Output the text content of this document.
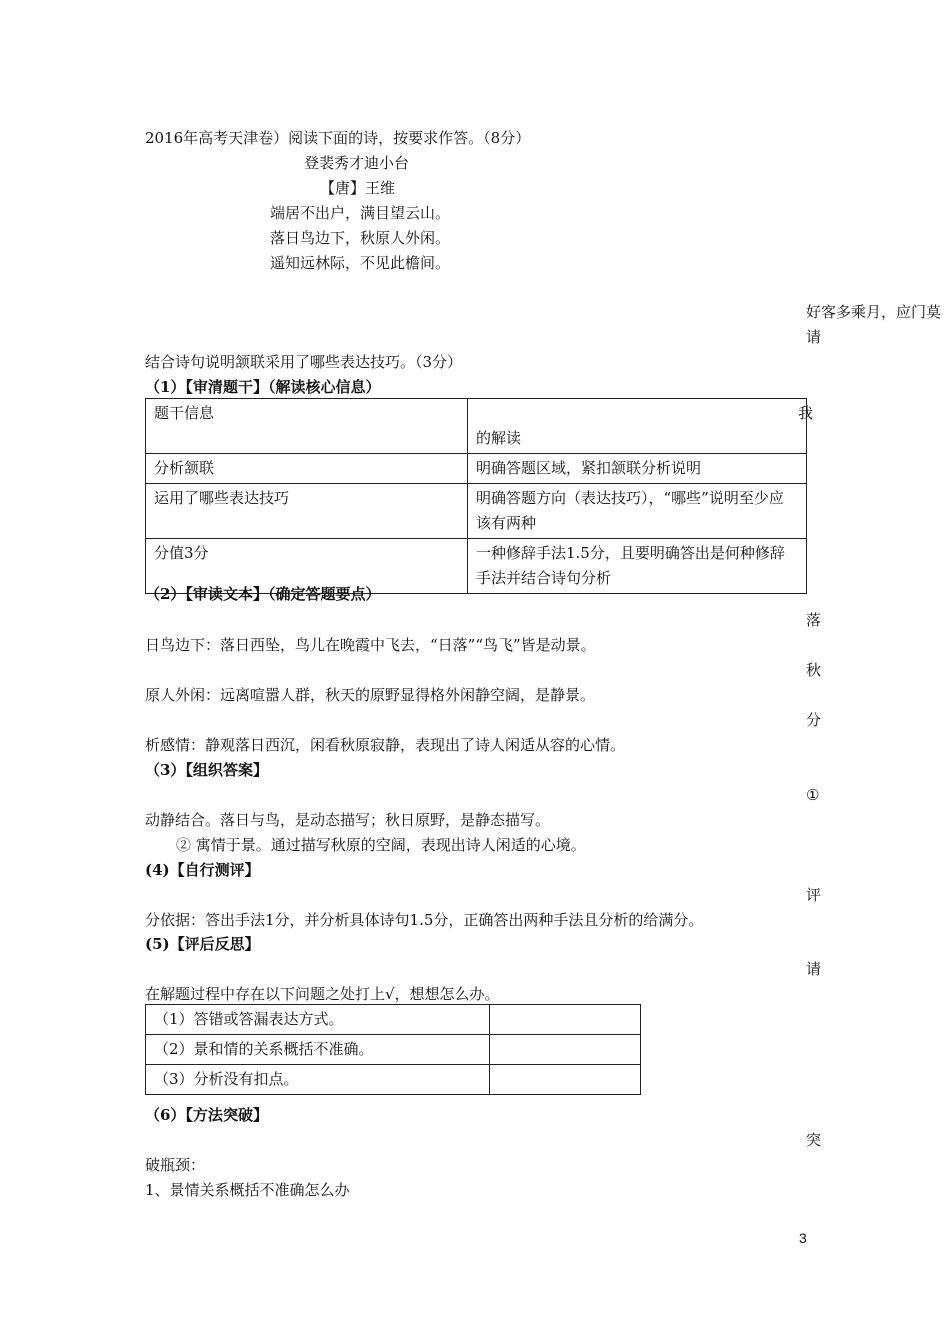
2016年高考天津卷）阅读下面的诗，按要求作答。（8分）
登裴秀才迪小台
【唐】王维
端居不出户，满目望云山。
落日鸟边下，秋原人外闲。
遥知远林际，不见此檐间。
好客多乘月，应门莫
请
结合诗句说明颔联采用了哪些表达技巧。（3分）
（1）【审清题干】（解读核心信息）
题干信息	的解读
分析颔联	明确答题区域，紧扣颔联分析说明
运用了哪些表达技巧	明确答题方向（表达技巧），“哪些”说明至少应该有两种
分值3分	一种修辞手法1.5分，且要明确答出是何种修辞手法并结合诗句分析
我
（2）【审读文本】（确定答题要点）
落
日鸟边下：落日西坠，鸟儿在晚霞中飞去，“日落”“鸟飞”皆是动景。
秋
原人外闲：远离喧嚣人群，秋天的原野显得格外闲静空阔，是静景。
分
析感情：静观落日西沉，闲看秋原寂静，表现出了诗人闲适从容的心情。
（3）【组织答案】
①
动静结合。落日与鸟，是动态描写；秋日原野，是静态描写。
② 寓情于景。通过描写秋原的空阔，表现出诗人闲适的心境。
(4)【自行测评】
评
分依据：答出手法1分，并分析具体诗句1.5分，正确答出两种手法且分析的给满分。
(5)【评后反思】
请
在解题过程中存在以下问题之处打上√，想想怎么办。
（1）答错或答漏表达方式。	
（2）景和情的关系概括不准确。	
（3）分析没有扣点。	
（6）【方法突破】
突
破瓶颈：
1、景情关系概括不准确怎么办
3
